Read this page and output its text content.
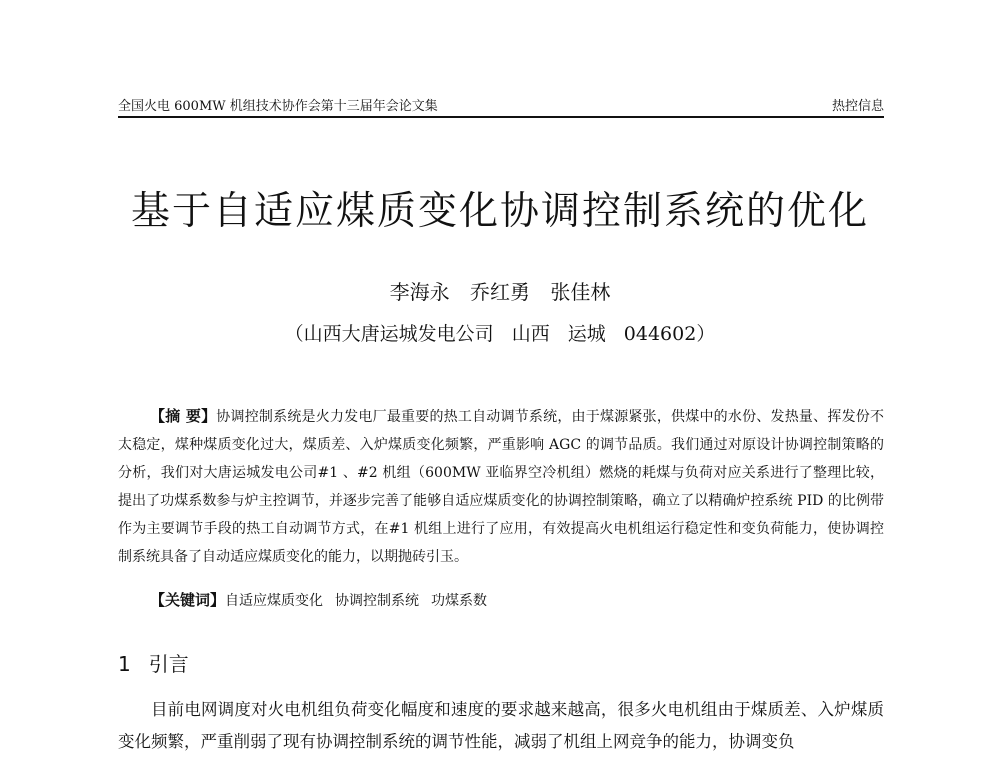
全国火电 600MW 机组技术协作会第十三届年会论文集	热控信息
基于自适应煤质变化协调控制系统的优化
李海永 乔红勇 张佳林
（山西大唐运城发电公司 山西 运城 044602）
【摘 要】协调控制系统是火力发电厂最重要的热工自动调节系统，由于煤源紧张，供煤中的水份、发热量、挥发份不太稳定，煤种煤质变化过大，煤质差、入炉煤质变化频繁，严重影响 AGC 的调节品质。我们通过对原设计协调控制策略的分析，我们对大唐运城发电公司#1 、#2 机组（600MW 亚临界空冷机组）燃烧的耗煤与负荷对应关系进行了整理比较，提出了功煤系数参与炉主控调节，并逐步完善了能够自适应煤质变化的协调控制策略，确立了以精确炉控系统 PID 的比例带作为主要调节手段的热工自动调节方式，在#1 机组上进行了应用，有效提高火电机组运行稳定性和变负荷能力，使协调控制系统具备了自动适应煤质变化的能力，以期抛砖引玉。
【关键词】自适应煤质变化 协调控制系统 功煤系数
1 引言
目前电网调度对火电机组负荷变化幅度和速度的要求越来越高，很多火电机组由于煤质差、入炉煤质变化频繁，严重削弱了现有协调控制系统的调节性能，减弱了机组上网竞争的能力，协调变负
